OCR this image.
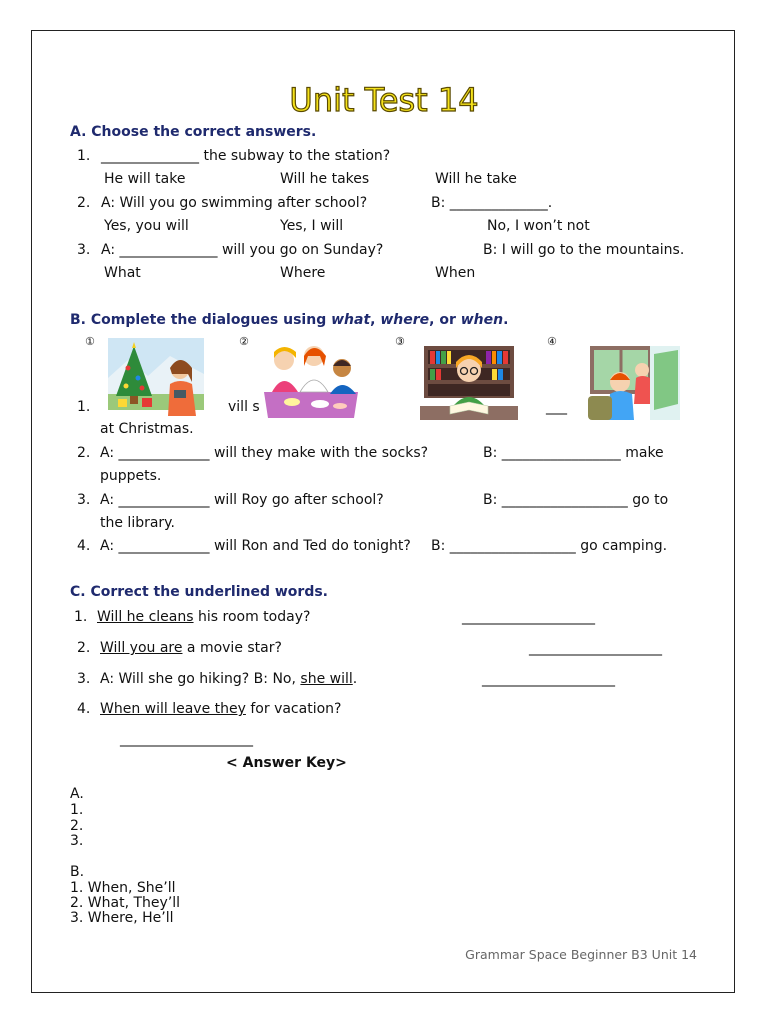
Unit Test 14
A. Choose the correct answers.
1. ______________ the subway to the station?
He will take	Will he takes	Will he take
2. A: Will you go swimming after school?	B: ______________.
Yes, you will	Yes, I will	No, I won’t not
3. A: ______________ will you go on Sunday?	B: I will go to the mountains.
What	Where	When
B. Complete the dialogues using what, where, or when.
①	②	③	④
1.	vill s	___
at Christmas.
2. A: _____________ will they make with the socks?	B: _________________ make
puppets.
3. A: _____________ will Roy go after school?	B: __________________ go to
the library.
4. A: _____________ will Ron and Ted do tonight? B: __________________ go camping.
C. Correct the underlined words.
1. Will he cleans his room today?	___________________
2. Will you are a movie star?	___________________
3. A: Will she go hiking? B: No, she will.	___________________
4. When will leave they for vacation?
___________________
< Answer Key>
A.
1.
2.
3.
B.
1. When, She’ll
2. What, They’ll
3. Where, He’ll
Grammar Space Beginner B3 Unit 14
